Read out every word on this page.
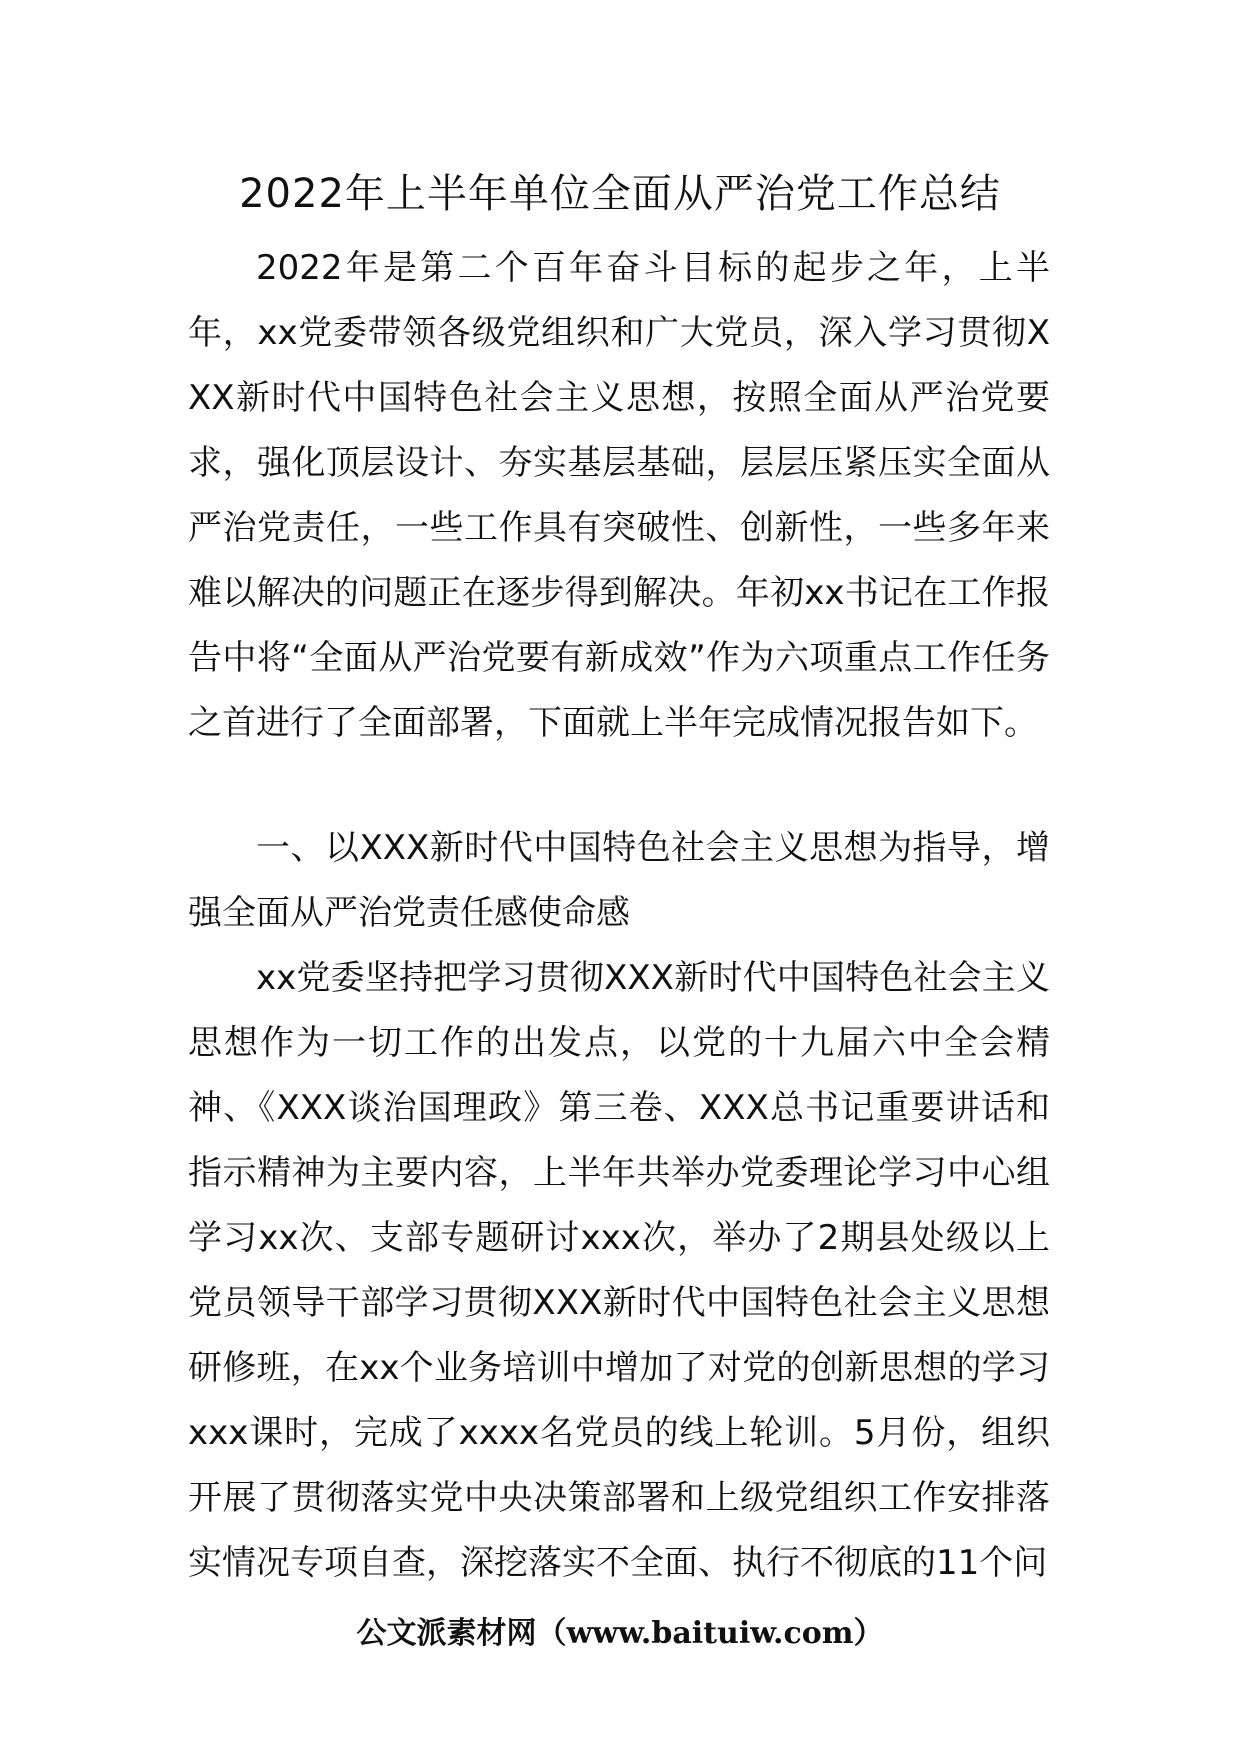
2022年上半年单位全面从严治党工作总结

2022年是第二个百年奋斗目标的起步之年，上半年，xx党委带领各级党组织和广大党员，深入学习贯彻XXX新时代中国特色社会主义思想，按照全面从严治党要求，强化顶层设计、夯实基层基础，层层压紧压实全面从严治党责任，一些工作具有突破性、创新性，一些多年来难以解决的问题正在逐步得到解决。年初xx书记在工作报告中将“全面从严治党要有新成效”作为六项重点工作任务之首进行了全面部署，下面就上半年完成情况报告如下。

一、以XXX新时代中国特色社会主义思想为指导，增强全面从严治党责任感使命感

xx党委坚持把学习贯彻XXX新时代中国特色社会主义思想作为一切工作的出发点，以党的十九届六中全会精神、《XXX谈治国理政》第三卷、XXX总书记重要讲话和指示精神为主要内容，上半年共举办党委理论学习中心组学习xx次、支部专题研讨xxx次，举办了2期县处级以上党员领导干部学习贯彻XXX新时代中国特色社会主义思想研修班，在xx个业务培训中增加了对党的创新思想的学习xxx课时，完成了xxxx名党员的线上轮训。5月份，组织开展了贯彻落实党中央决策部署和上级党组织工作安排落实情况专项自查，深挖落实不全面、执行不彻底的11个问

公文派素材网（www.baituiw.com）
